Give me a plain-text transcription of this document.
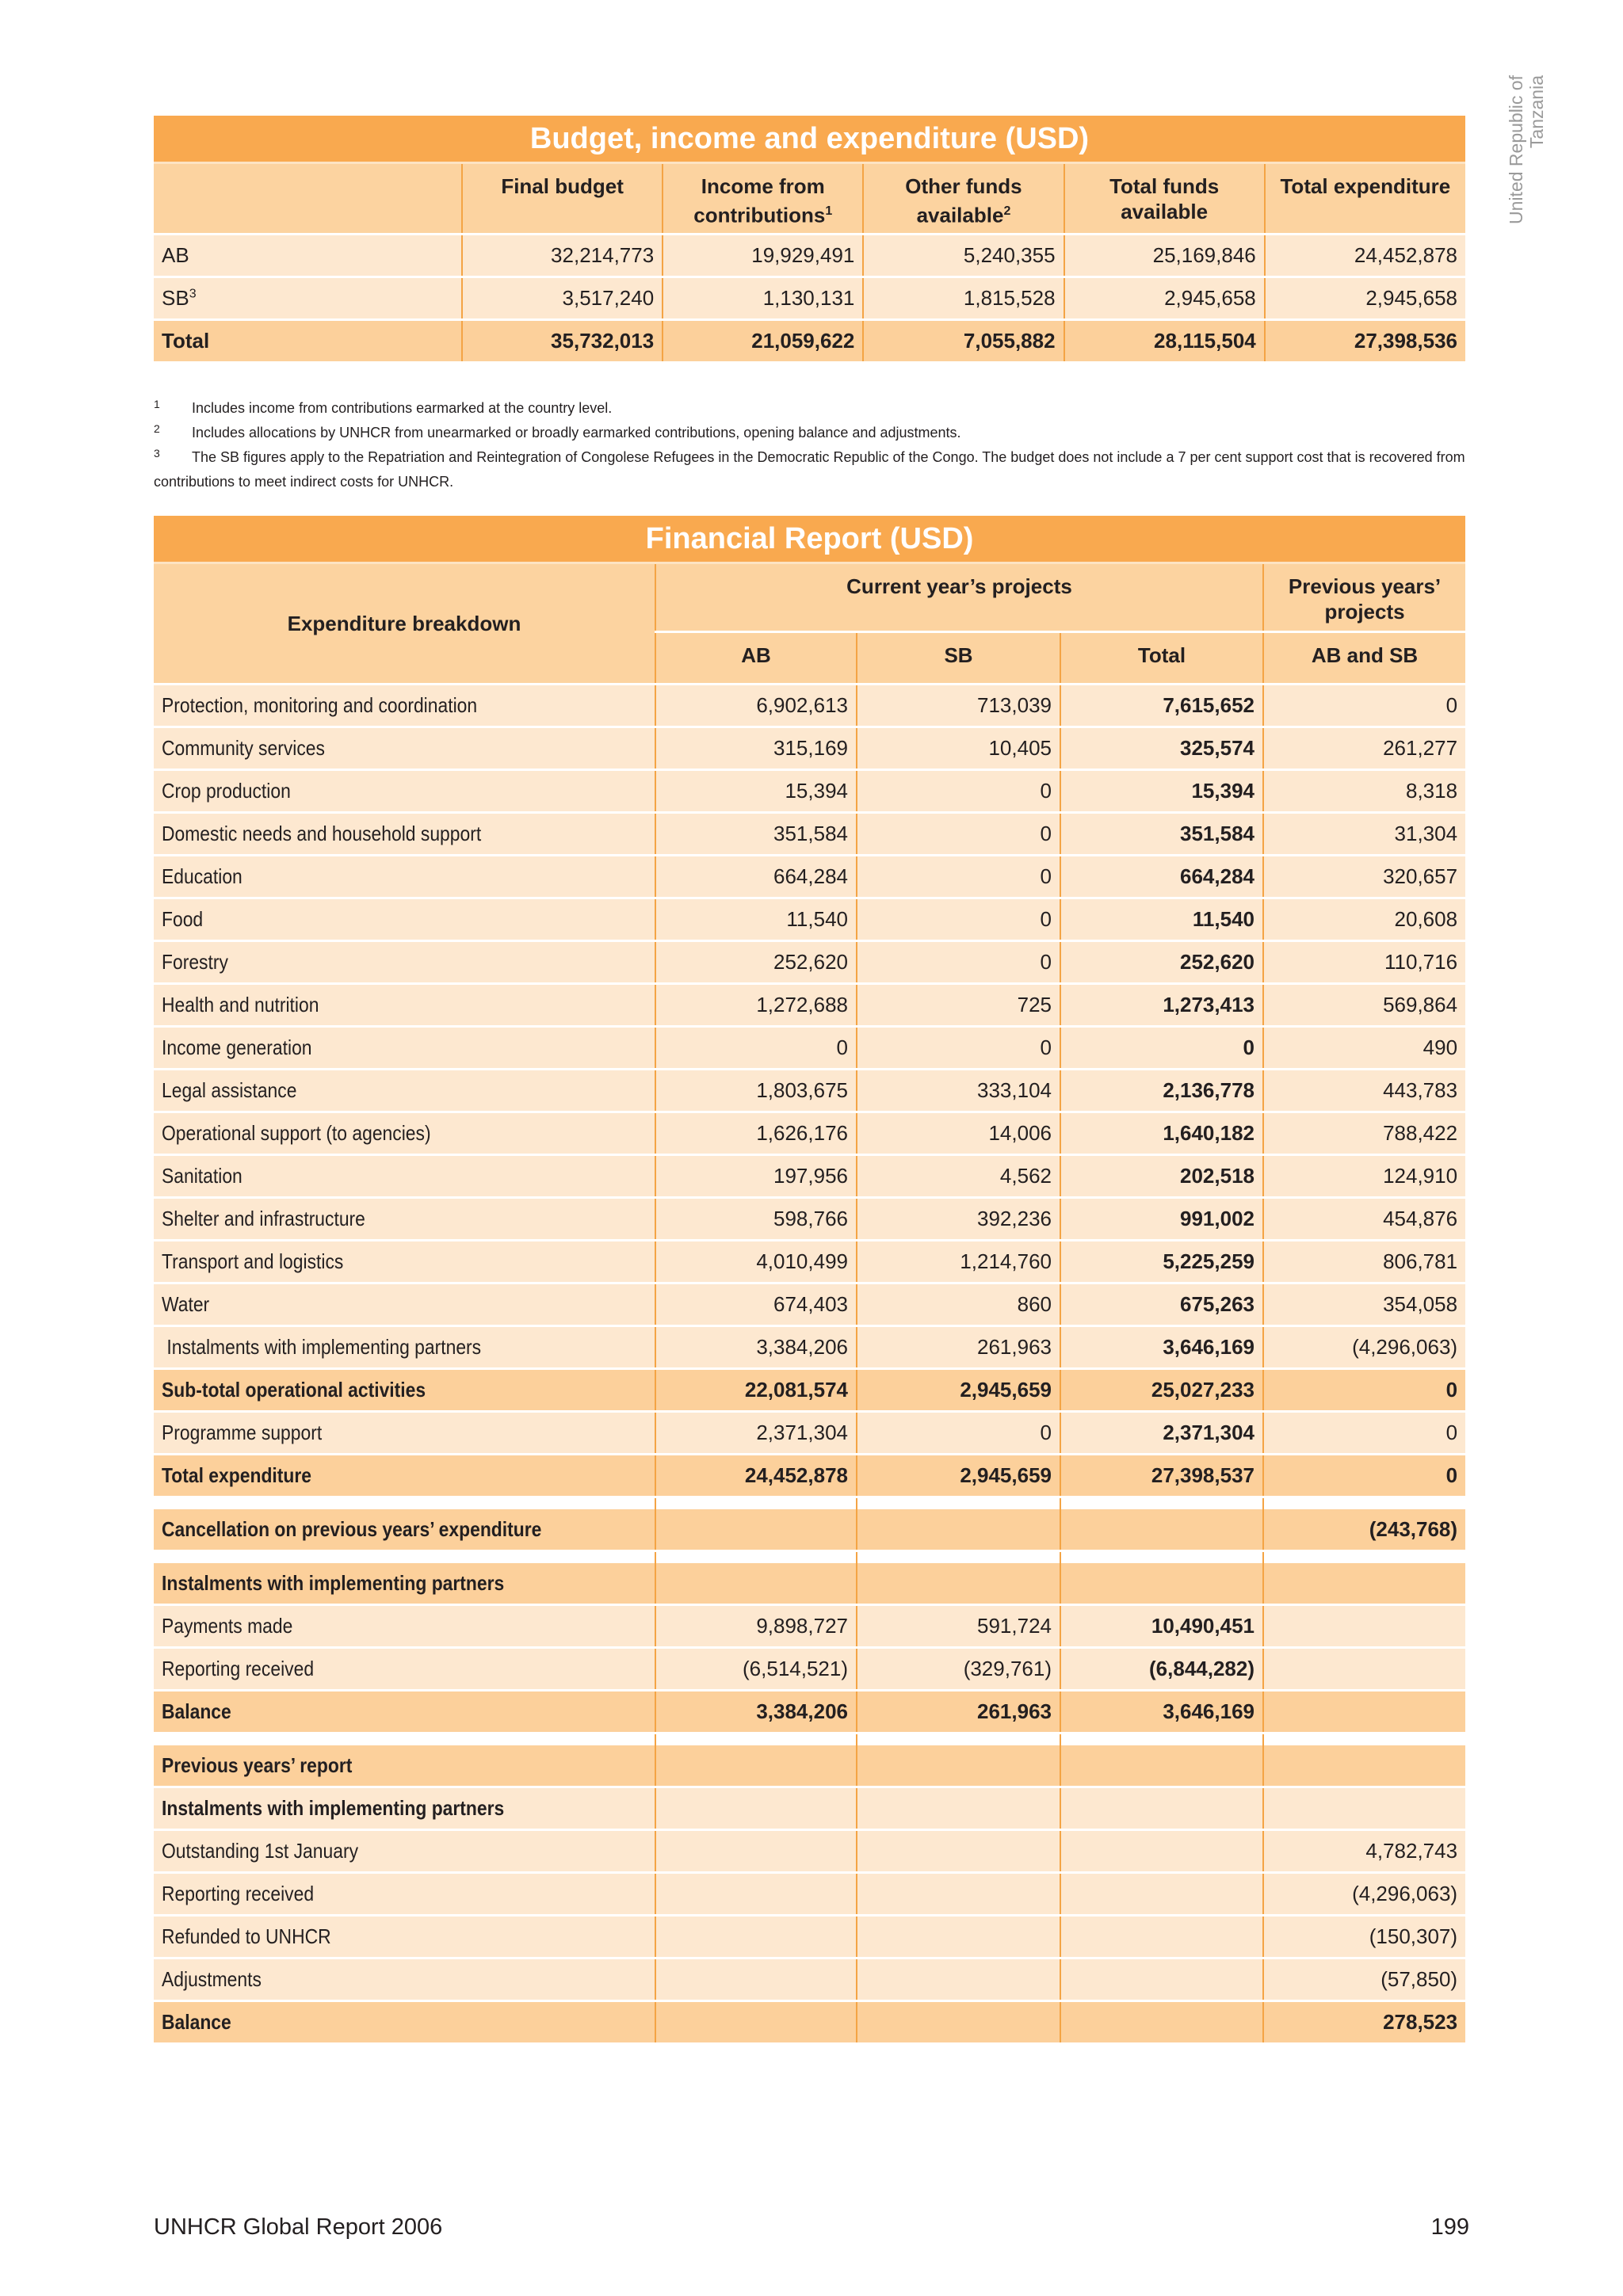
United Republic of
Tanzania
Budget, income and expenditure (USD)					
	Final budget	Income from contributions$^1$	Other funds available$^2$	Total funds available	Total expenditure
AB	32,214,773	19,929,491	5,240,355	25,169,846	24,452,878
$SB^3$	3,517,240	1,130,131	1,815,528	2,945,658	2,945,658
Total	35,732,013	21,059,622	7,055,882	28,115,504	27,398,536
1 Includes income from contributions earmarked at the country level.
2 Includes allocations by UNHCR from unearmarked or broadly earmarked contributions, opening balance and adjustments.
3 The SB figures apply to the Repatriation and Reintegration of Congolese Refugees in the Democratic Republic of the Congo. The budget does not include a 7 per cent support cost that is recovered from contributions to meet indirect costs for UNHCR.
Financial Report (USD)				
Expenditure breakdown	Current year’s projects			Previous years’ projects
	AB	SB	Total	AB and SB
Protection, monitoring and coordination	6,902,613	713,039	7,615,652	0
Community services	315,169	10,405	325,574	261,277
Crop production	15,394	0	15,394	8,318
Domestic needs and household support	351,584	0	351,584	31,304
Education	664,284	0	664,284	320,657
Food	11,540	0	11,540	20,608
Forestry	252,620	0	252,620	110,716
Health and nutrition	1,272,688	725	1,273,413	569,864
Income generation	0	0	0	490
Legal assistance	1,803,675	333,104	2,136,778	443,783
Operational support (to agencies)	1,626,176	14,006	1,640,182	788,422
Sanitation	197,956	4,562	202,518	124,910
Shelter and infrastructure	598,766	392,236	991,002	454,876
Transport and logistics	4,010,499	1,214,760	5,225,259	806,781
Water	674,403	860	675,263	354,058
Instalments with implementing partners	3,384,206	261,963	3,646,169	(4,296,063)
Sub-total operational activities	22,081,574	2,945,659	25,027,233	0
Programme support	2,371,304	0	2,371,304	0
Total expenditure	24,452,878	2,945,659	27,398,537	0

Cancellation on previous years’ expenditure				(243,768)

Instalments with implementing partners				
Payments made	9,898,727	591,724	10,490,451	
Reporting received	(6,514,521)	(329,761)	(6,844,282)	
Balance	3,384,206	261,963	3,646,169	

Previous years’ report				
Instalments with implementing partners				
Outstanding 1st January				4,782,743
Reporting received				(4,296,063)
Refunded to UNHCR				(150,307)
Adjustments				(57,850)
Balance				278,523
UNHCR Global Report 2006	199
